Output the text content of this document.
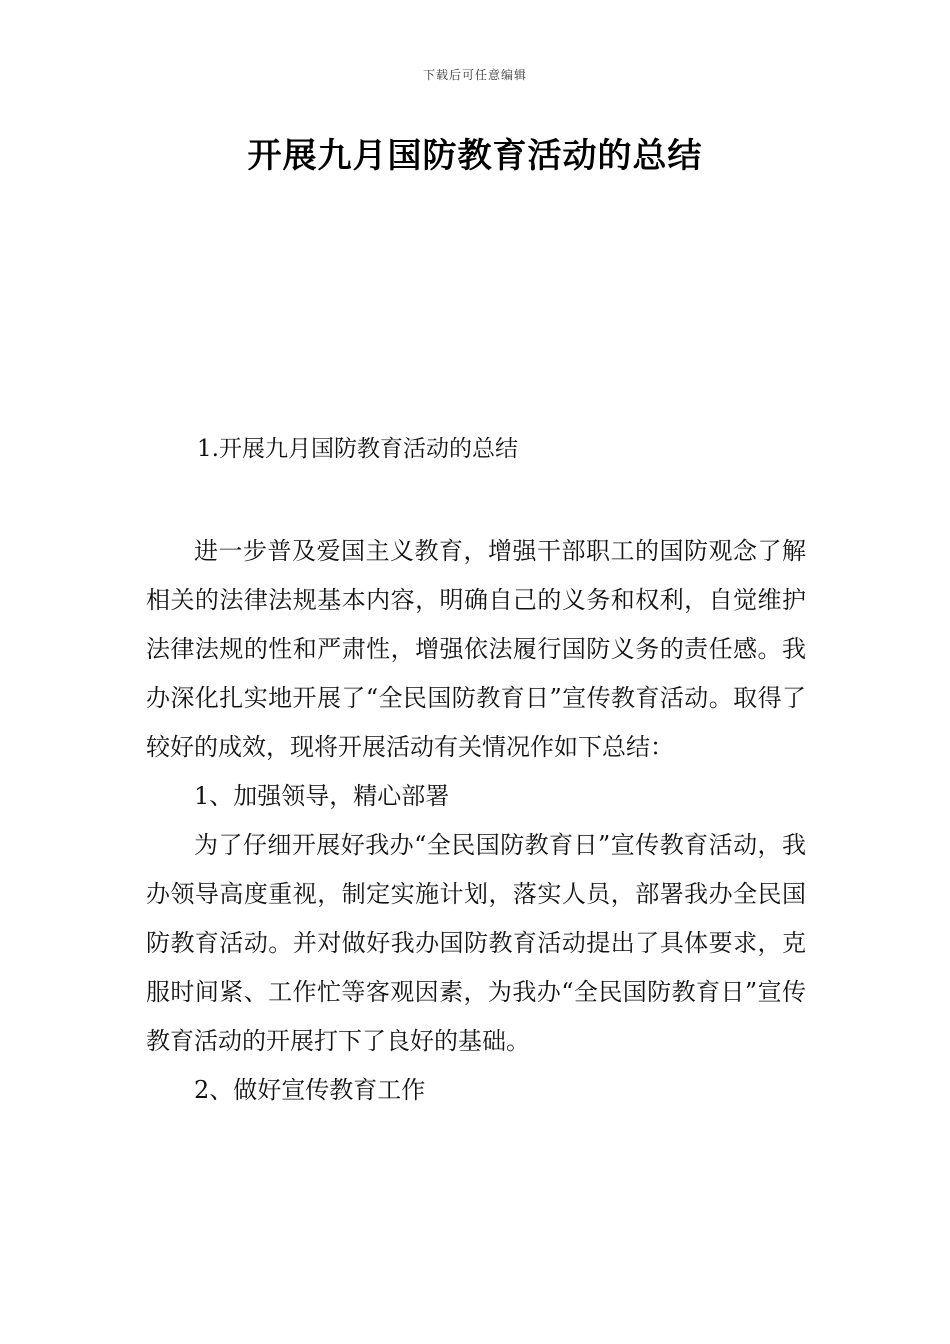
下载后可任意编辑
开展九月国防教育活动的总结
1.开展九月国防教育活动的总结

进一步普及爱国主义教育，增强干部职工的国防观念了解相关的法律法规基本内容，明确自己的义务和权利，自觉维护 法律法规的性和严肃性，增强依法履行国防义务的责任感。我办深化扎实地开展了“全民国防教育日”宣传教育活动。取得了较好的成效，现将开展活动有关情况作如下总结：

1、加强领导，精心部署

为了仔细开展好我办“全民国防教育日”宣传教育活动，我办领导高度重视，制定实施计划，落实人员，部署我办全民国防教育活动。并对做好我办国防教育活动提出了具体要求，克服时间紧、工作忙等客观因素，为我办“全民国防教育日”宣传教育活动的开展打下了良好的基础。

2、做好宣传教育工作
